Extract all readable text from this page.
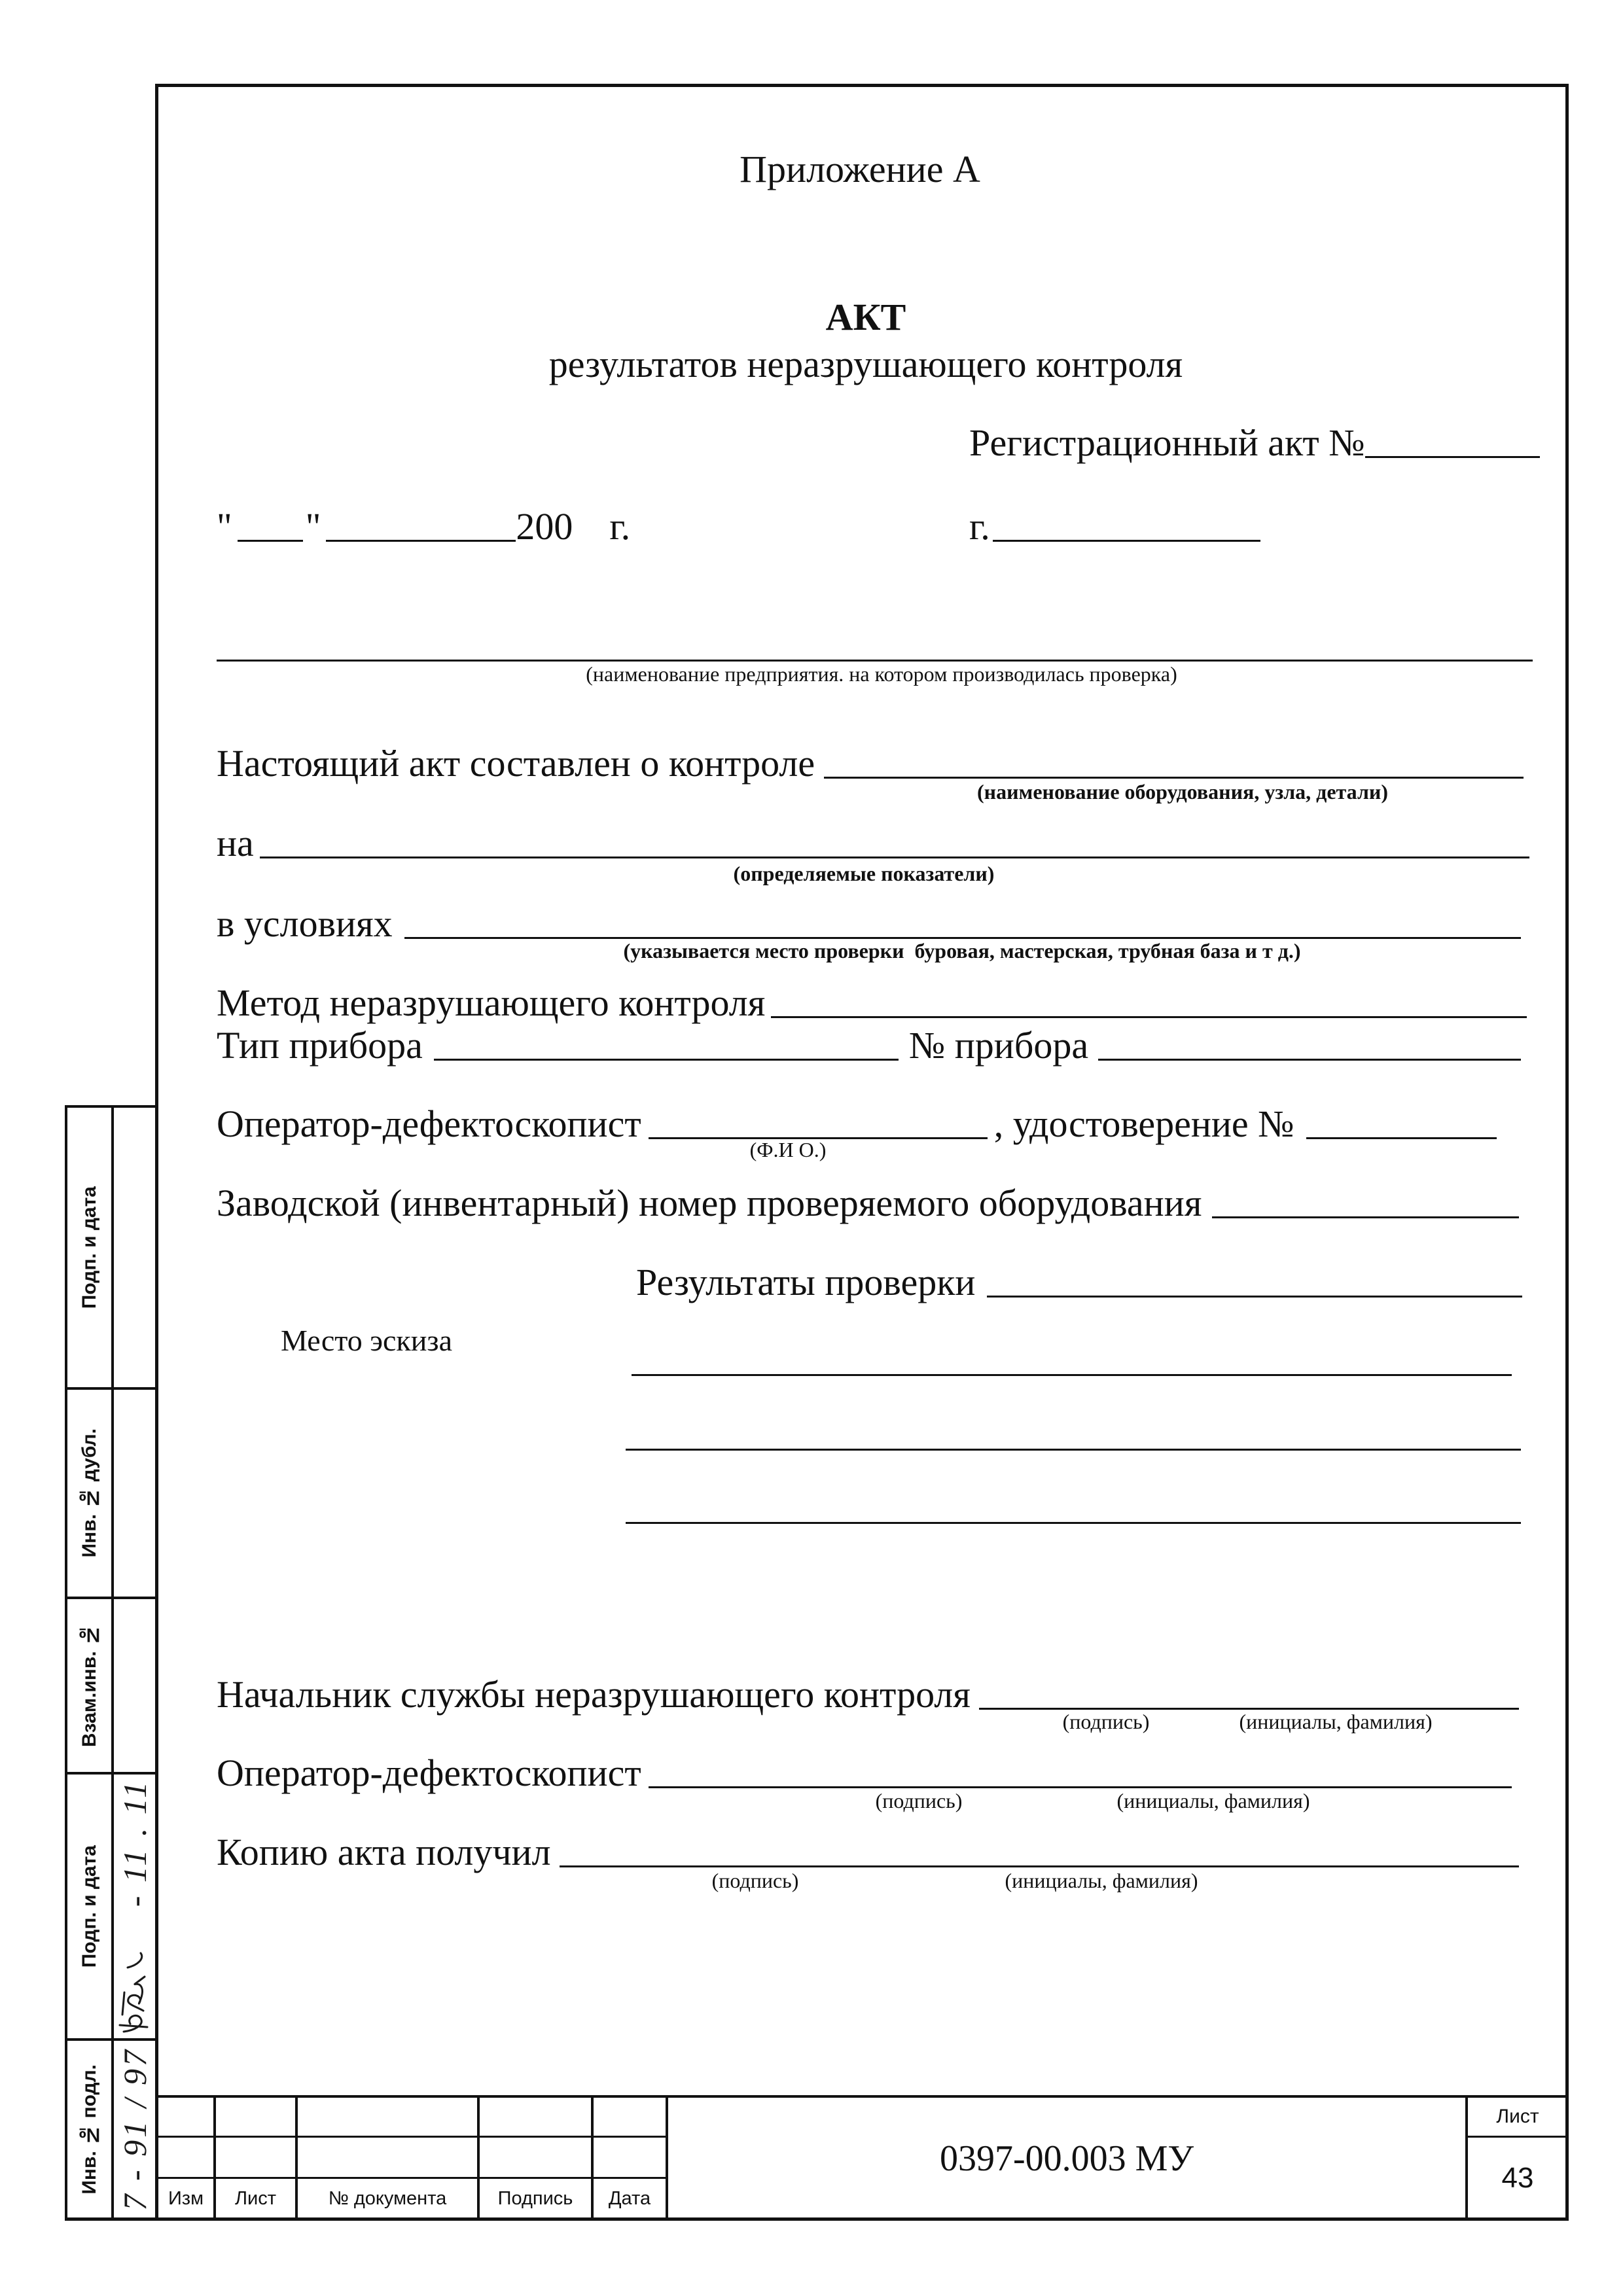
Приложение А
АКТ
результатов неразрушающего контроля
Регистрационный акт №
" "	200 г.	г.
(наименование предприятия. на котором производилась проверка)
Настоящий акт составлен о контроле
(наименование оборудования, узла, детали)
на
(определяемые показатели)
в условиях
(указывается место проверки  буровая, мастерская, трубная база и т д.)
Метод неразрушающего контроля
Тип прибора	№ прибора
Оператор-дефектоскопист	, удостоверение №
(Ф.И О.)
Заводской (инвентарный) номер проверяемого оборудования
Результаты проверки
Место эскиза
Начальник службы неразрушающего контроля
(подпись)	(инициалы, фамилия)
Оператор-дефектоскопист
(подпись)	(инициалы, фамилия)
Копию акта получил
(подпись)	(инициалы, фамилия)
Изм	Лист	№ документа	Подпись	Дата
0397-00.003 МУ
Лист
43
Подп. и дата
Инв. № дубл.
Взам.инв. №
Подп. и дата
Инв. № подл.
- 11 . 11
7 - 91 / 97
